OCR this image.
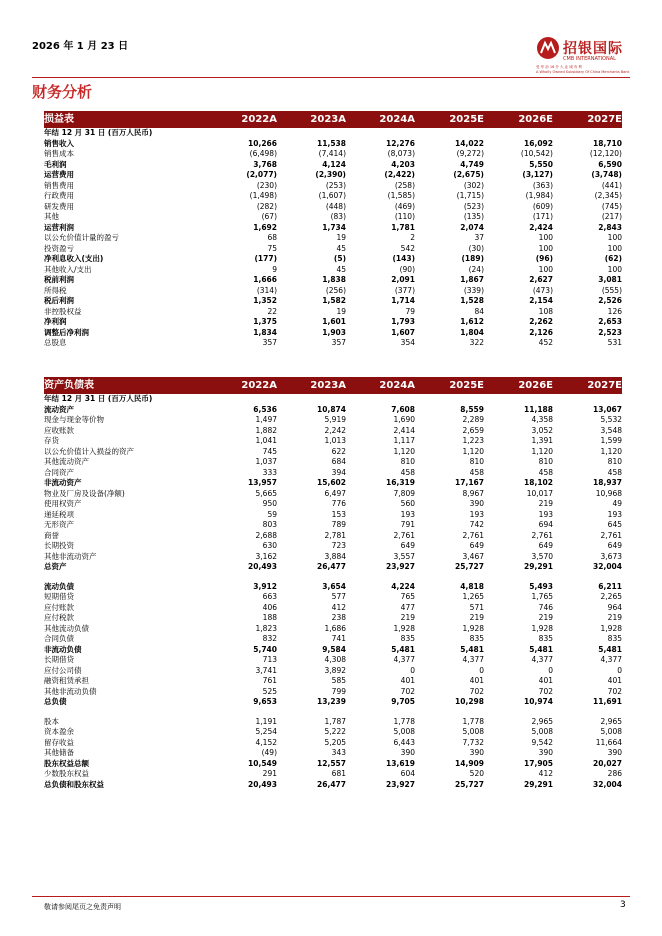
2026 年 1 月 23 日	招银国际
CMB INTERNATIONAL
受 华 前 16 介 大 业 城 有 利
A Wholly Owned Subsidiary Of China Merchants Bank
财务分析
损益表	2022A	2023A	2024A	2025E	2026E	2027E
年结 12 月 31 日 (百万人民币)						
销售收入	10,266	11,538	12,276	14,022	16,092	18,710
销售成本	(6,498)	(7,414)	(8,073)	(9,272)	(10,542)	(12,120)
毛利润	3,768	4,124	4,203	4,749	5,550	6,590
运营费用	(2,077)	(2,390)	(2,422)	(2,675)	(3,127)	(3,748)
销售费用	(230)	(253)	(258)	(302)	(363)	(441)
行政费用	(1,498)	(1,607)	(1,585)	(1,715)	(1,984)	(2,345)
研发费用	(282)	(448)	(469)	(523)	(609)	(745)
其他	(67)	(83)	(110)	(135)	(171)	(217)
运营利润	1,692	1,734	1,781	2,074	2,424	2,843
以公允价值计量的盈亏	68	19	2	37	100	100
投资盈亏	75	45	542	(30)	100	100
净利息收入(支出)	(177)	(5)	(143)	(189)	(96)	(62)
其他收入/支出	9	45	(90)	(24)	100	100
税前利润	1,666	1,838	2,091	1,867	2,627	3,081
所得税	(314)	(256)	(377)	(339)	(473)	(555)
税后利润	1,352	1,582	1,714	1,528	2,154	2,526
非控股权益	22	19	79	84	108	126
净利润	1,375	1,601	1,793	1,612	2,262	2,653
调整后净利润	1,834	1,903	1,607	1,804	2,126	2,523
总股息	357	357	354	322	452	531
资产负债表	2022A	2023A	2024A	2025E	2026E	2027E
年结 12 月 31 日 (百万人民币)						
流动资产	6,536	10,874	7,608	8,559	11,188	13,067
现金与现金等价物	1,497	5,919	1,690	2,289	4,358	5,532
应收账款	1,882	2,242	2,414	2,659	3,052	3,548
存货	1,041	1,013	1,117	1,223	1,391	1,599
以公允价值计入损益的资产	745	622	1,120	1,120	1,120	1,120
其他流动资产	1,037	684	810	810	810	810
合同资产	333	394	458	458	458	458
非流动资产	13,957	15,602	16,319	17,167	18,102	18,937
物业及厂房及设备(净额)	5,665	6,497	7,809	8,967	10,017	10,968
使用权资产	950	776	560	390	219	49
递延税项	59	153	193	193	193	193
无形资产	803	789	791	742	694	645
商誉	2,688	2,781	2,761	2,761	2,761	2,761
长期投资	630	723	649	649	649	649
其他非流动资产	3,162	3,884	3,557	3,467	3,570	3,673
总资产	20,493	26,477	23,927	25,727	29,291	32,004

流动负债	3,912	3,654	4,224	4,818	5,493	6,211
短期借贷	663	577	765	1,265	1,765	2,265
应付账款	406	412	477	571	746	964
应付税款	188	238	219	219	219	219
其他流动负债	1,823	1,686	1,928	1,928	1,928	1,928
合同负债	832	741	835	835	835	835
非流动负债	5,740	9,584	5,481	5,481	5,481	5,481
长期借贷	713	4,308	4,377	4,377	4,377	4,377
应付公司债	3,741	3,892	0	0	0	0
融资租赁承担	761	585	401	401	401	401
其他非流动负债	525	799	702	702	702	702
总负债	9,653	13,239	9,705	10,298	10,974	11,691

股本	1,191	1,787	1,778	1,778	2,965	2,965
资本盈余	5,254	5,222	5,008	5,008	5,008	5,008
留存收益	4,152	5,205	6,443	7,732	9,542	11,664
其他储备	(49)	343	390	390	390	390
股东权益总额	10,549	12,557	13,619	14,909	17,905	20,027
少数股东权益	291	681	604	520	412	286
总负债和股东权益	20,493	26,477	23,927	25,727	29,291	32,004
敬请参阅尾页之免责声明	3
